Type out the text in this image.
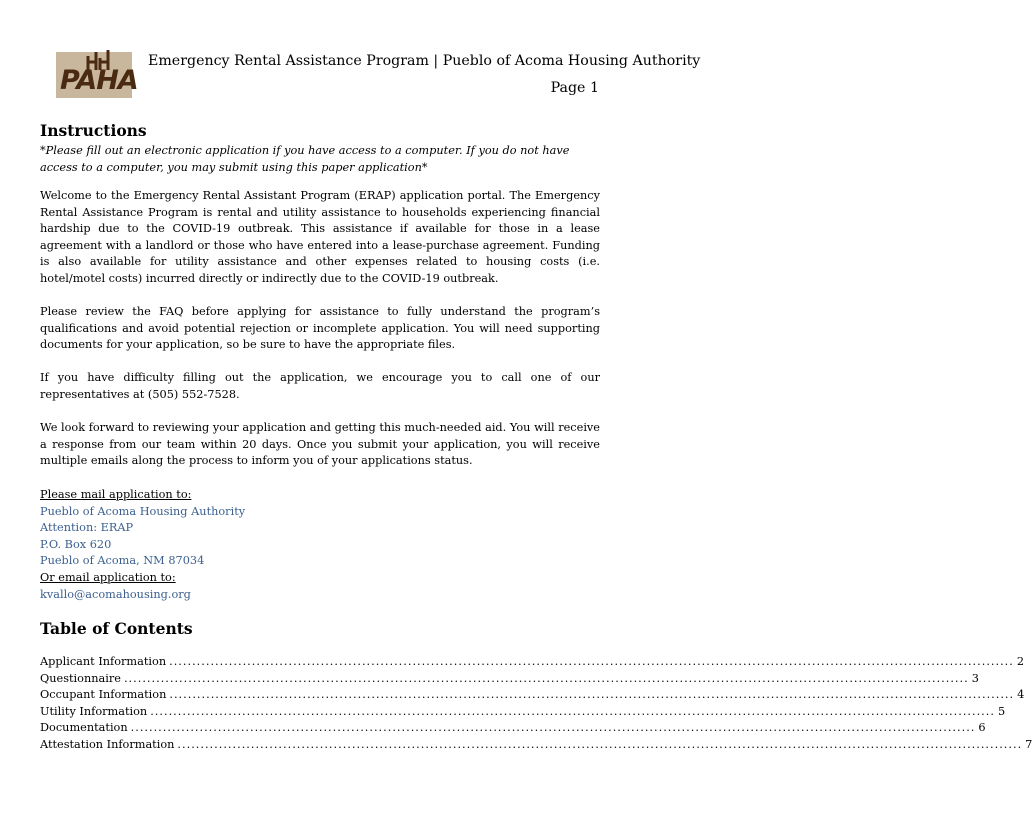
PAHA
Emergency Rental Assistance Program | Pueblo of Acoma Housing Authority
Page 1
Instructions
*Please fill out an electronic application if you have access to a computer. If you do not have access to a computer, you may submit using this paper application*
Welcome to the Emergency Rental Assistant Program (ERAP) application portal. The Emergency Rental Assistance Program is rental and utility assistance to households experiencing financial hardship due to the COVID-19 outbreak. This assistance if available for those in a lease agreement with a landlord or those who have entered into a lease-purchase agreement. Funding is also available for utility assistance and other expenses related to housing costs (i.e. hotel/motel costs) incurred directly or indirectly due to the COVID-19 outbreak.
Please review the FAQ before applying for assistance to fully understand the program’s qualifications and avoid potential rejection or incomplete application. You will need supporting documents for your application, so be sure to have the appropriate files.
If you have difficulty filling out the application, we encourage you to call one of our representatives at (505) 552-7528.
We look forward to reviewing your application and getting this much-needed aid. You will receive a response from our team within 20 days. Once you submit your application, you will receive multiple emails along the process to inform you of your applications status.
Please mail application to:
Pueblo of Acoma Housing Authority
Attention: ERAP
P.O. Box 620
Pueblo of Acoma, NM 87034
Or email application to:
kvallo@acomahousing.org
Table of Contents
Applicant Information .....	2
Questionnaire .....	3
Occupant Information .....	4
Utility Information .....	5
Documentation .....	6
Attestation Information .....	7
